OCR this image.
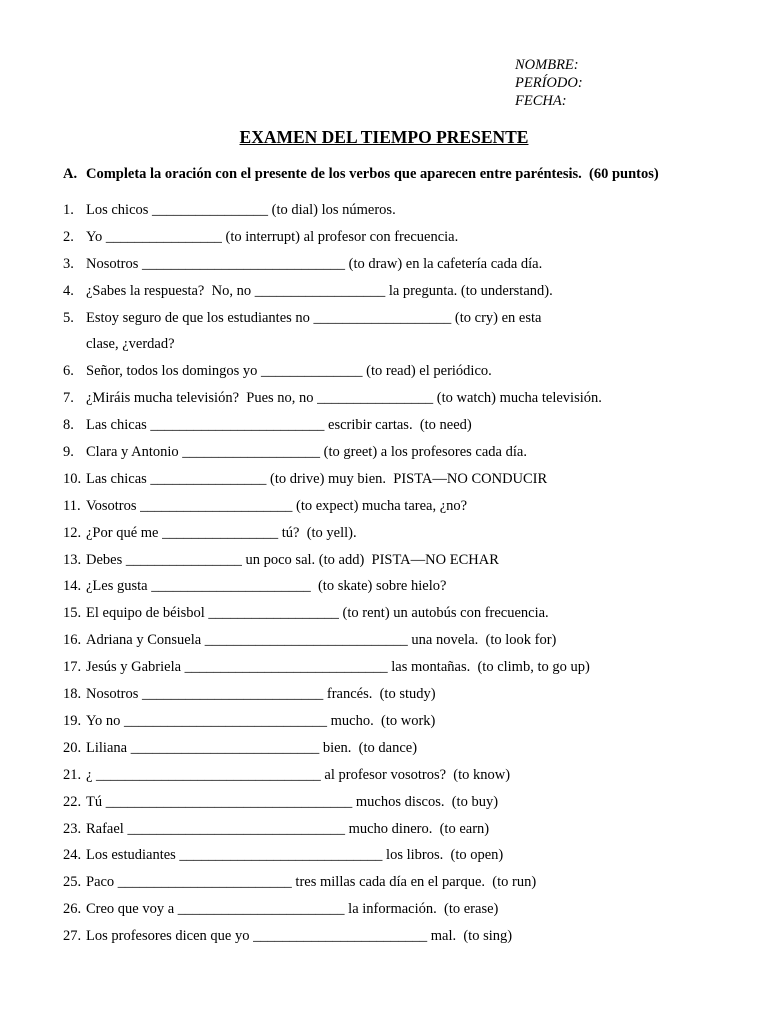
NOMBRE:
PERÍODO:
FECHA:
EXAMEN DEL TIEMPO PRESENTE
A. Completa la oración con el presente de los verbos que aparecen entre paréntesis.  (60 puntos)
1. Los chicos ________________ (to dial) los números.
2. Yo ________________ (to interrupt) al profesor con frecuencia.
3. Nosotros ____________________________ (to draw) en la cafetería cada día.
4. ¿Sabes la respuesta?  No, no __________________ la pregunta. (to understand).
5. Estoy seguro de que los estudiantes no ___________________ (to cry) en esta
clase, ¿verdad?
6. Señor, todos los domingos yo ______________ (to read) el periódico.
7. ¿Miráis mucha televisión?  Pues no, no ________________ (to watch) mucha televisión.
8. Las chicas ________________________ escribir cartas.  (to need)
9. Clara y Antonio ___________________ (to greet) a los profesores cada día.
10. Las chicas ________________ (to drive) muy bien.  PISTA—NO CONDUCIR
11. Vosotros _____________________ (to expect) mucha tarea, ¿no?
12. ¿Por qué me ________________ tú?  (to yell).
13. Debes ________________ un poco sal. (to add)  PISTA—NO ECHAR
14. ¿Les gusta ______________________  (to skate) sobre hielo?
15. El equipo de béisbol __________________ (to rent) un autobús con frecuencia.
16. Adriana y Consuela ____________________________ una novela.  (to look for)
17. Jesús y Gabriela ____________________________ las montañas.  (to climb, to go up)
18. Nosotros _________________________ francés.  (to study)
19. Yo no ____________________________ mucho.  (to work)
20. Liliana __________________________ bien.  (to dance)
21. ¿ _______________________________ al profesor vosotros?  (to know)
22. Tú __________________________________ muchos discos.  (to buy)
23. Rafael ______________________________ mucho dinero.  (to earn)
24. Los estudiantes ____________________________ los libros.  (to open)
25. Paco ________________________ tres millas cada día en el parque.  (to run)
26. Creo que voy a _______________________ la información.  (to erase)
27. Los profesores dicen que yo ________________________ mal.  (to sing)
